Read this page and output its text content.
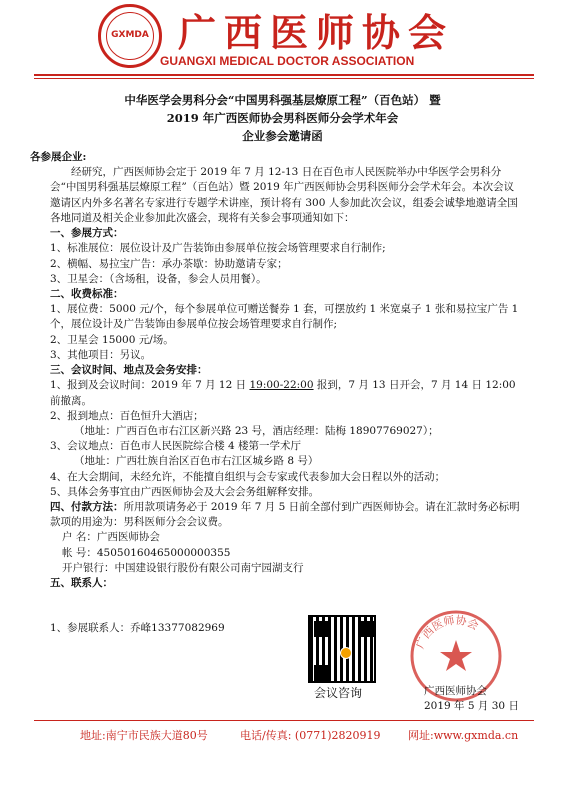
GXMDA 广西医师协会
GUANGXI MEDICAL DOCTOR ASSOCIATION
中华医学会男科分会“中国男科强基层燎原工程”（百色站） 暨
2019 年广西医师协会男科医师分会学术年会
企业参会邀请函

各参展企业:

经研究，广西医师协会定于 2019 年 7 月 12-13 日在百色市人民医院举办中华医学会男科分会“中国男科强基层燎原工程”（百色站）暨 2019 年广西医师协会男科医师分会学术年会。本次会议邀请区内外多名著名专家进行专题学术讲座，预计将有 300 人参加此次会议，组委会诚挚地邀请全国各地同道及相关企业参加此次盛会，现将有关参会事项通知如下：

一、参展方式：

1、标准展位：展位设计及广告装饰由参展单位按会场管理要求自行制作;

2、横幅、易拉宝广告：承办茶歇：协助邀请专家；

3、卫星会：（含场租，设备，参会人员用餐）。

二、收费标准：

1、展位费：5000 元/个，每个参展单位可赠送餐券 1 套，可摆放约 1 米宽桌子 1 张和易拉宝广告 1 个，展位设计及广告装饰由参展单位按会场管理要求自行制作;

2、卫星会 15000 元/场。

3、其他项目：另议。

三、会议时间、地点及会务安排：

1、报到及会议时间：2019 年 7 月 12 日 19:00-22:00 报到，7 月 13 日开会，7 月 14 日 12:00 前撤离。

2、报到地点：百色恒升大酒店；

（地址：广西百色市右江区新兴路 23 号，酒店经理：陆梅 18907769027）；

3、会议地点：百色市人民医院综合楼 4 楼第一学术厅

（地址：广西壮族自治区百色市右江区城乡路 8 号）

4、在大会期间，未经允许，不能擅自组织与会专家或代表参加大会日程以外的活动；

5、具体会务事宜由广西医师协会及大会会务组解释安排。

四、付款方法：所用款项请务必于 2019 年 7 月 5 日前全部付到广西医师协会。请在汇款时务必标明款项的用途为：男科医师分会会议费。

户 名：广西医师协会

帐 号：450501604650000003​55

开户银行：中国建设银行股份有限公司南宁园湖支行

五、联系人：

1、参展联系人：乔峰13377082969

会议咨询
广西医师协会
广西医师协会
2019 年 5 月 30 日
地址:南宁市民族大道80号	电话/传真: (0771)2820919	网址:www.gxmda.cn
